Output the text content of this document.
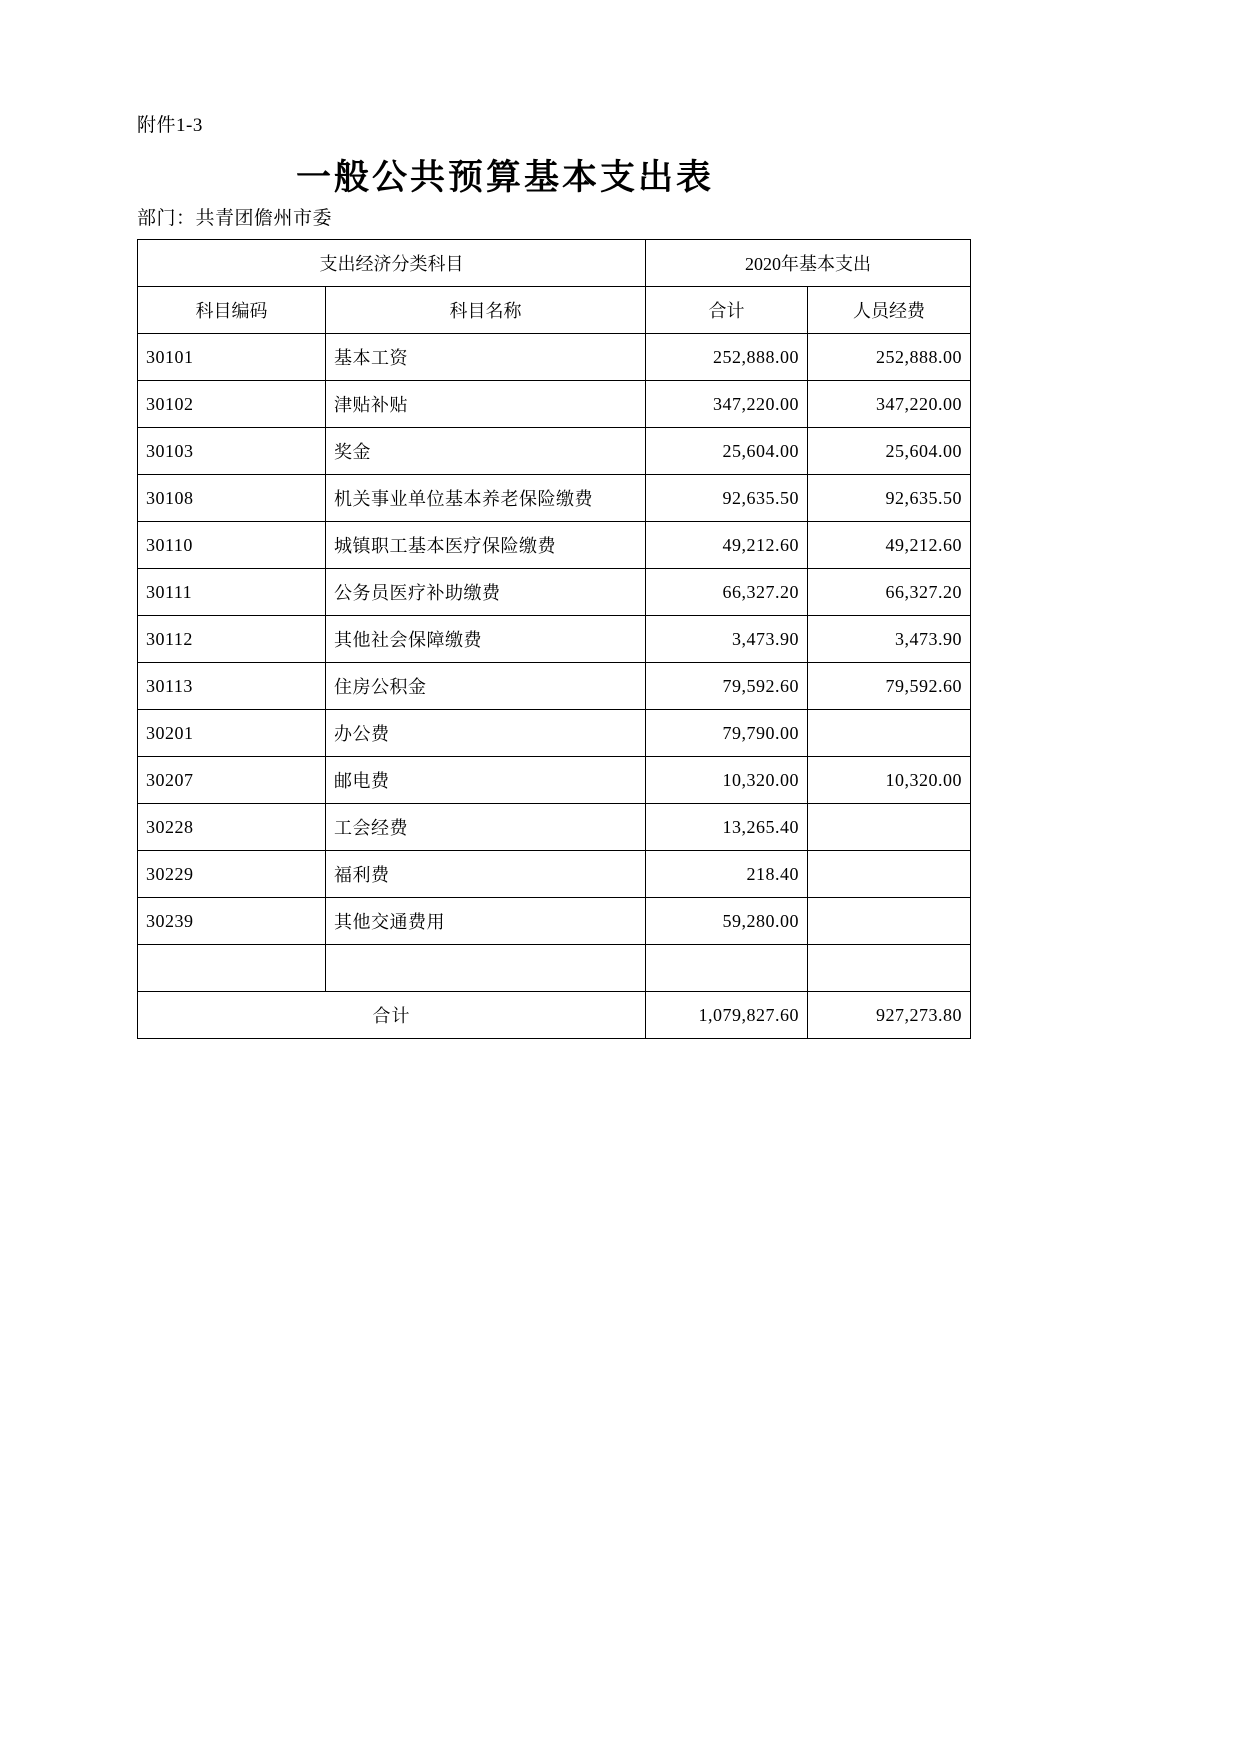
附件1-3
一般公共预算基本支出表
部门：共青团儋州市委
支出经济分类科目		2020年基本支出	
科目编码	科目名称	合计	人员经费
30101	基本工资	252,888.00	252,888.00
30102	津贴补贴	347,220.00	347,220.00
30103	奖金	25,604.00	25,604.00
30108	机关事业单位基本养老保险缴费	92,635.50	92,635.50
30110	城镇职工基本医疗保险缴费	49,212.60	49,212.60
30111	公务员医疗补助缴费	66,327.20	66,327.20
30112	其他社会保障缴费	3,473.90	3,473.90
30113	住房公积金	79,592.60	79,592.60
30201	办公费	79,790.00	
30207	邮电费	10,320.00	10,320.00
30228	工会经费	13,265.40	
30229	福利费	218.40	
30239	其他交通费用	59,280.00	

合计		1,079,827.60	927,273.80
